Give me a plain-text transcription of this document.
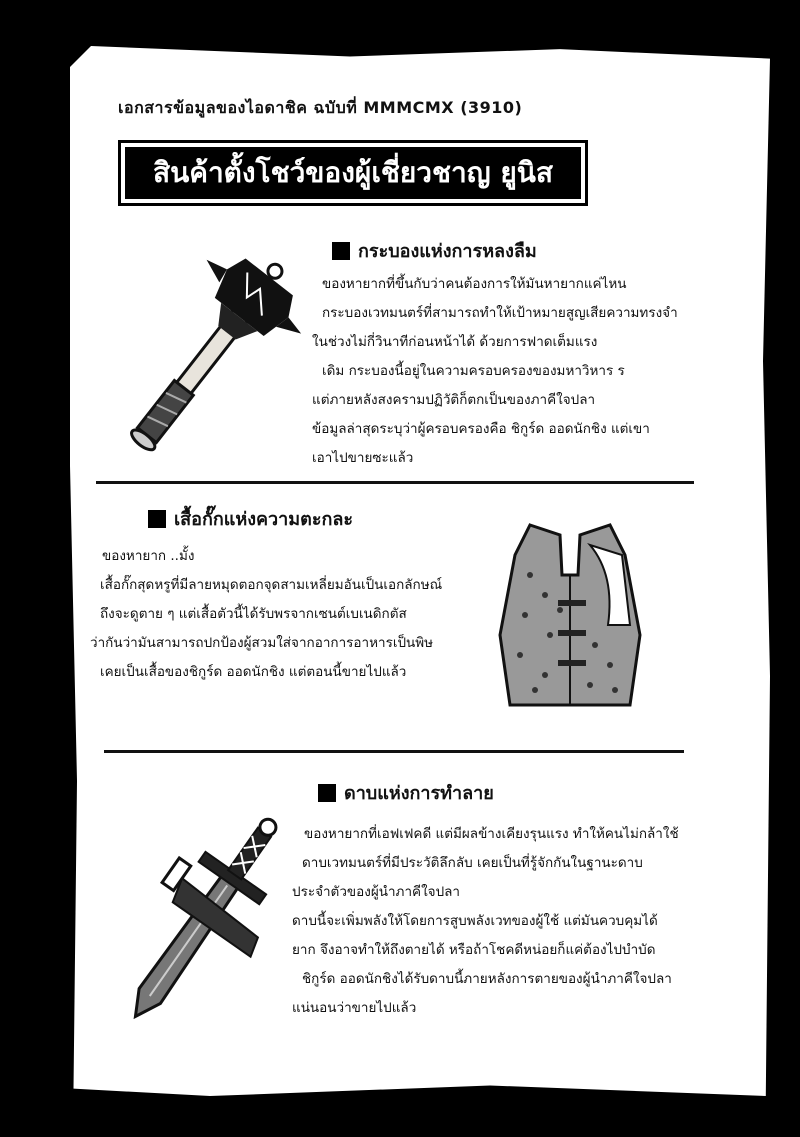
เอกสารข้อมูลของไอดาชิค ฉบับที่ MMMCMX (3910)
สินค้าตั้งโชว์ของผู้เชี่ยวชาญ ยูนิส
กระบองแห่งการหลงลืม
ของหายากที่ขึ้นกับว่าคนต้องการให้มันหายากแค่ไหน
กระบองเวทมนตร์ที่สามารถทำให้เป้าหมายสูญเสียความทรงจำ
ในช่วงไม่กี่วินาทีก่อนหน้าได้ ด้วยการฟาดเต็มแรง
เดิม กระบองนี้อยู่ในความครอบครองของมหาวิหาร ร
แต่ภายหลังสงครามปฏิวัติก็ตกเป็นของภาคีใจปลา
ข้อมูลล่าสุดระบุว่าผู้ครอบครองคือ ชิกูร์ด ออดนักชิง แต่เขา
เอาไปขายซะแล้ว
เสื้อกั๊กแห่งความตะกละ
ของหายาก ..มั้ง
เสื้อกั๊กสุดหรูที่มีลายหมุดตอกจุดสามเหลี่ยมอันเป็นเอกลักษณ์
ถึงจะดูตาย ๆ แต่เสื้อตัวนี้ได้รับพรจากเซนต์เบเนดิกตัส
ว่ากันว่ามันสามารถปกป้องผู้สวมใส่จากอาการอาหารเป็นพิษ
เคยเป็นเสื้อของชิกูร์ด ออดนักชิง แต่ตอนนี้ขายไปแล้ว
ดาบแห่งการทำลาย
ของหายากที่เอฟเฟคดี แต่มีผลข้างเคียงรุนแรง ทำให้คนไม่กล้าใช้
ดาบเวทมนตร์ที่มีประวัติลึกลับ เคยเป็นที่รู้จักกันในฐานะดาบ
ประจำตัวของผู้นำภาคีใจปลา
ดาบนี้จะเพิ่มพลังให้โดยการสูบพลังเวทของผู้ใช้ แต่มันควบคุมได้
ยาก จึงอาจทำให้ถึงตายได้ หรือถ้าโชคดีหน่อยก็แค่ต้องไปบำบัด
ชิกูร์ด ออดนักชิงได้รับดาบนี้ภายหลังการตายของผู้นำภาคีใจปลา
แน่นอนว่าขายไปแล้ว
